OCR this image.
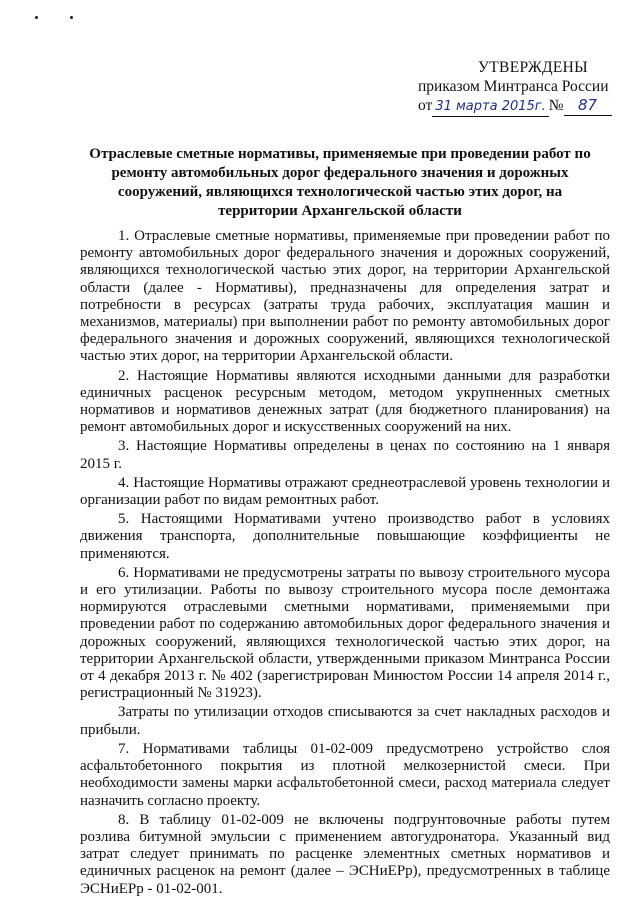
УТВЕРЖДЕНЫ
приказом Минтранса России
от 31 марта 2015г. № 87
Отраслевые сметные нормативы, применяемые при проведении работ по ремонту автомобильных дорог федерального значения и дорожных сооружений, являющихся технологической частью этих дорог, на территории Архангельской области

1. Отраслевые сметные нормативы, применяемые при проведении работ по ремонту автомобильных дорог федерального значения и дорожных сооружений, являющихся технологической частью этих дорог, на территории Архангельской области (далее - Нормативы), предназначены для определения затрат и потребности в ресурсах (затраты труда рабочих, эксплуатация машин и механизмов, материалы) при выполнении работ по ремонту автомобильных дорог федерального значения и дорожных сооружений, являющихся технологической частью этих дорог, на территории Архангельской области.

2. Настоящие Нормативы являются исходными данными для разработки единичных расценок ресурсным методом, методом укрупненных сметных нормативов и нормативов денежных затрат (для бюджетного планирования) на ремонт автомобильных дорог и искусственных сооружений на них.

3. Настоящие Нормативы определены в ценах по состоянию на 1 января 2015 г.

4. Настоящие Нормативы отражают среднеотраслевой уровень технологии и организации работ по видам ремонтных работ.

5. Настоящими Нормативами учтено производство работ в условиях движения транспорта, дополнительные повышающие коэффициенты не применяются.

6. Нормативами не предусмотрены затраты по вывозу строительного мусора и его утилизации. Работы по вывозу строительного мусора после демонтажа нормируются отраслевыми сметными нормативами, применяемыми при проведении работ по содержанию автомобильных дорог федерального значения и дорожных сооружений, являющихся технологической частью этих дорог, на территории Архангельской области, утвержденными приказом Минтранса России от 4 декабря 2013 г. № 402 (зарегистрирован Минюстом России 14 апреля 2014 г., регистрационный № 31923).

Затраты по утилизации отходов списываются за счет накладных расходов и прибыли.

7. Нормативами таблицы 01-02-009 предусмотрено устройство слоя асфальтобетонного покрытия из плотной мелкозернистой смеси. При необходимости замены марки асфальтобетонной смеси, расход материала следует назначить согласно проекту.

8. В таблицу 01-02-009 не включены подгрунтовочные работы путем розлива битумной эмульсии с применением автогудронатора. Указанный вид затрат следует принимать по расценке элементных сметных нормативов и единичных расценок на ремонт (далее – ЭСНиЕРр), предусмотренных в таблице ЭСНиЕРр - 01-02-001.
